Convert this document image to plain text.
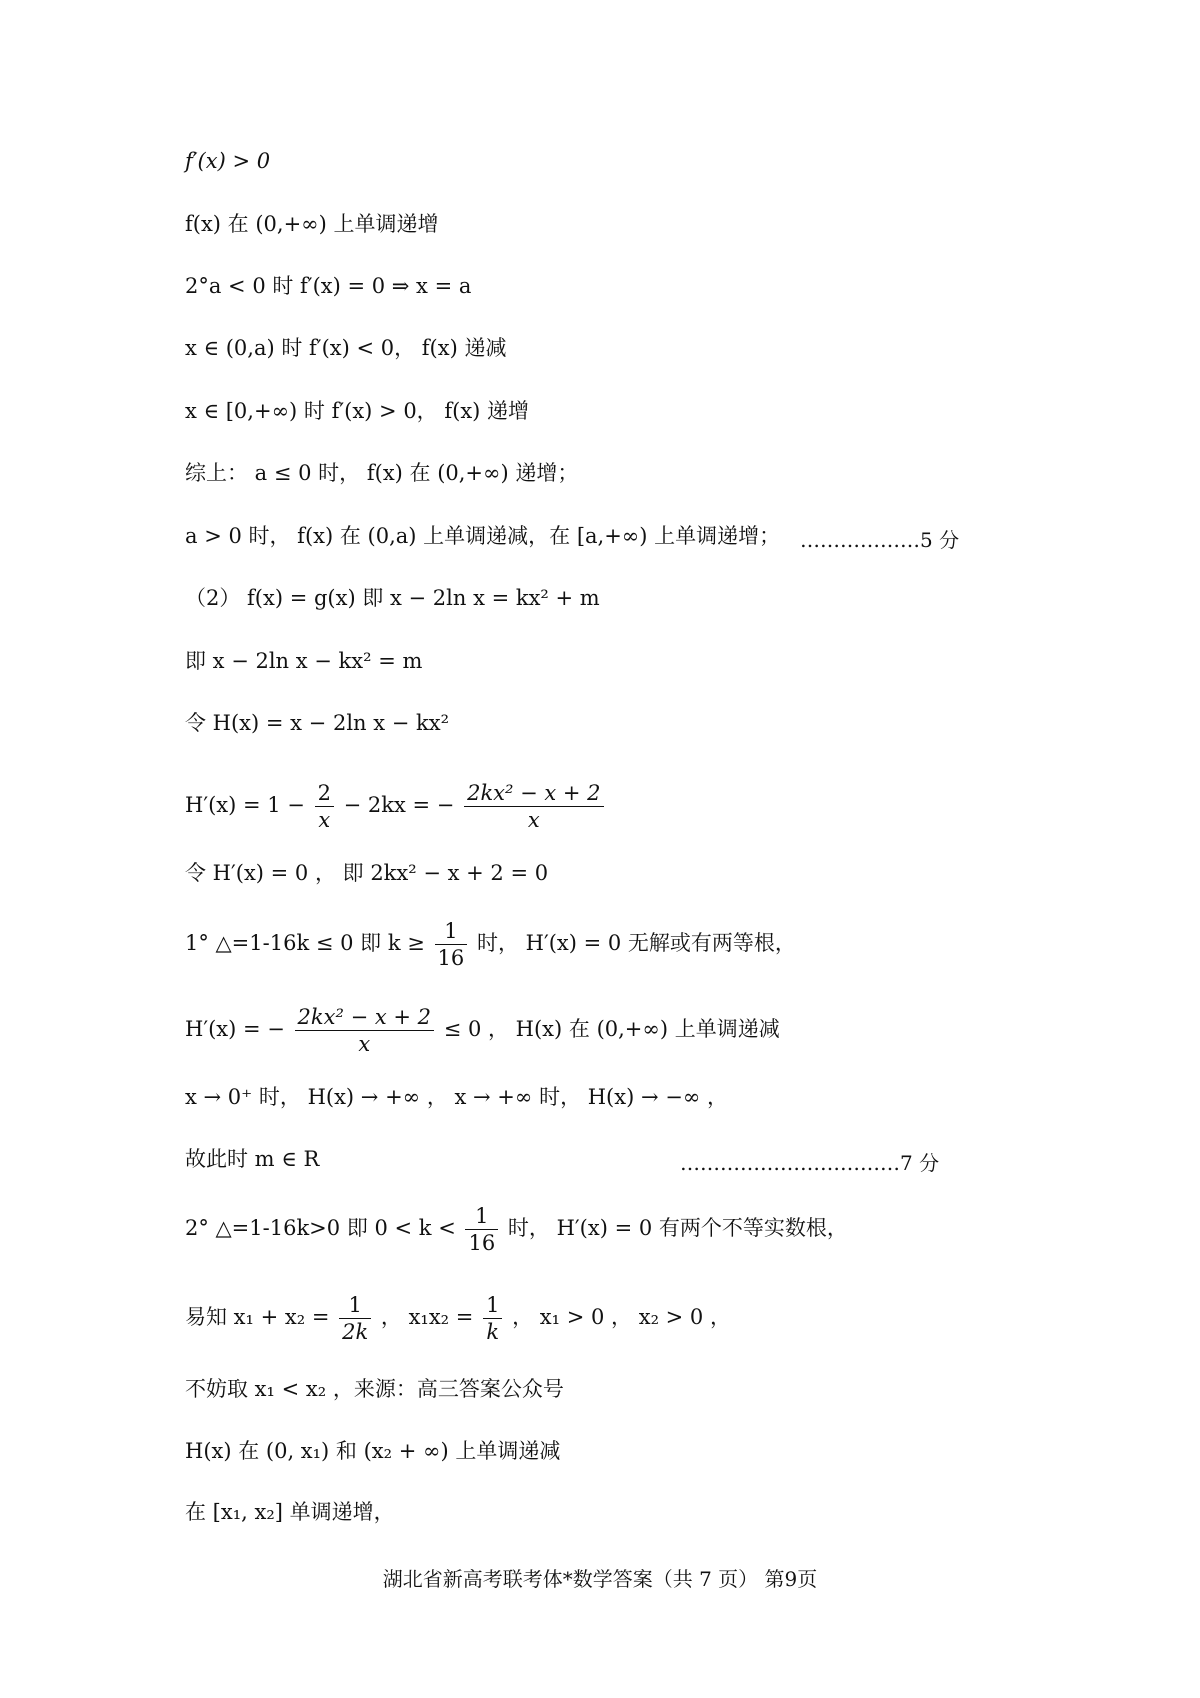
f′(x) > 0
f(x) 在 (0,+∞) 上单调递增
2°a < 0 时 f′(x) = 0 ⇒ x = a
x ∈ (0,a) 时 f′(x) < 0， f(x) 递减
x ∈ [0,+∞) 时 f′(x) > 0， f(x) 递增
综上： a ≤ 0 时， f(x) 在 (0,+∞) 递增；
a > 0 时， f(x) 在 (0,a) 上单调递减，在 [a,+∞) 上单调递增； ………………5 分
（2） f(x) = g(x) 即 x − 2ln x = kx² + m
即 x − 2ln x − kx² = m
令 H(x) = x − 2ln x − kx²
$H'(x) = 1 - \frac{2}{x} - 2kx$ = − $\frac{\text{2kx² − x + 2}}{x}$
令 H′(x) = 0 ， 即 2kx² − x + 2 = 0
1° △=1-16k ≤ 0 即 $k \ge \frac{1}{16}$ 时， H′(x) = 0 无解或有两等根，
H′(x) = − $\frac{\text{2kx² − x + 2}}{x} \le 0$ ， H(x) 在 (0,+∞) 上单调递减
x → 0⁺ 时， H(x) → +∞ ， x → +∞ 时， H(x) → −∞ ，
故此时 m ∈ R	……………………………7 分
2° △=1-16k>0 即 $0 < k < \frac{1}{16}$ 时， H′(x) = 0 有两个不等实数根，
易知 $x_1 + x_2 = \frac{1}{2k}$ ， $x_1x_2 = \frac{1}{k}$ ， x₁ > 0 ， x₂ > 0 ，
不妨取 x₁ < x₂ ，来源：高三答案公众号
H(x) 在 (0, x₁) 和 (x₂ + ∞) 上单调递减
在 [x₁, x₂] 单调递增，
湖北省新高考联考体*数学答案（共 7 页） 第9页
